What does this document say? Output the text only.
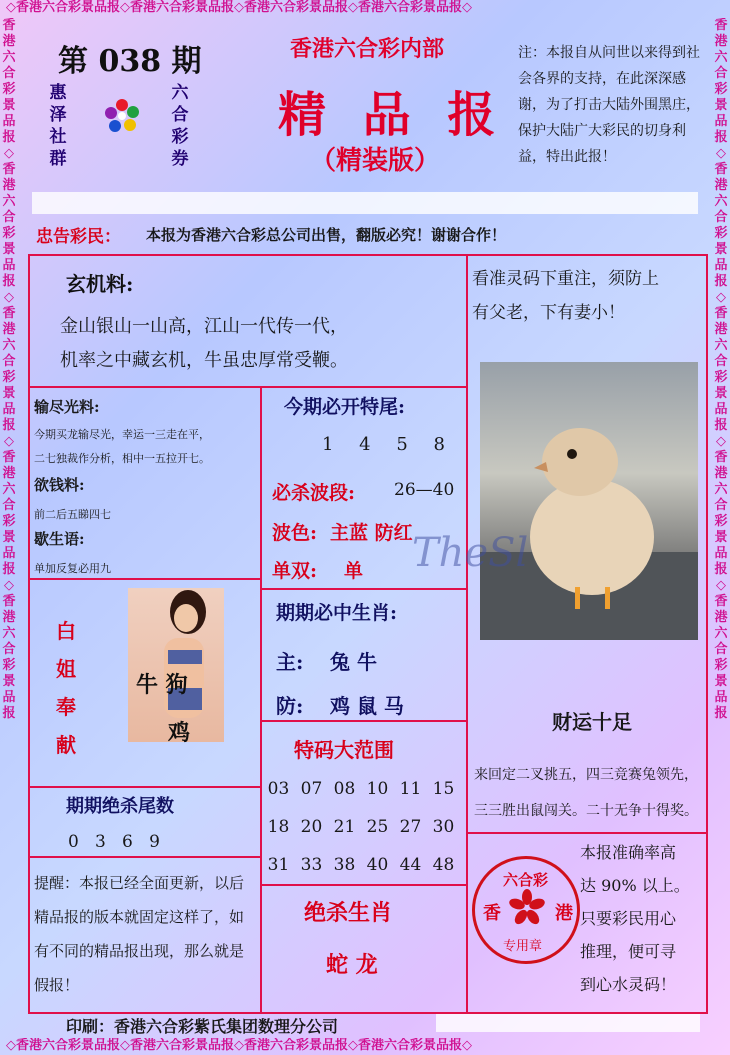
◇香港六合彩景品报◇香港六合彩景品报◇香港六合彩景品报◇香港六合彩景品报◇
◇香港六合彩景品报◇香港六合彩景品报◇香港六合彩景品报◇香港六合彩景品报◇
香港六合彩景品报◇香港六合彩景品报◇香港六合彩景品报◇香港六合彩景品报◇香港六合彩景品报
香港六合彩景品报◇香港六合彩景品报◇香港六合彩景品报◇香港六合彩景品报◇香港六合彩景品报
第 038 期
惠
泽
社
群
六
合
彩
券
香港六合彩内部
精 品 报
（精装版）
注：本报自从问世以来得到社会各界的支持，在此深深感谢，为了打击大陆外围黑庄，保护大陆广大彩民的切身利益，特出此报！
忠告彩民： 本报为香港六合彩总公司出售，翻版必究！谢谢合作！
玄机料:
金山银山一山高，江山一代传一代，
机率之中藏玄机，牛虽忠厚常受鞭。
看准灵码下重注，须防上
有父老，下有妻小！
输尽光料:
今期买龙输尽光，幸运一三走在平，
二七独裁作分析，相中一五拉开七。
欲钱料:
前二后五睇四七
歇生语:
单加反复必用九
白
姐
奉
献
牛 狗
鸡
今期必开特尾:
1 4 5 8
必杀波段: 26—40
波色: 主蓝 防红
单双: 单 TheSl
期期必中生肖:
主: 兔 牛
防: 鸡 鼠 马
特码大范围
03	07	08	10	11	15
18	20	21	25	27	30
31	33	38	40	44	48
绝杀生肖
蛇 龙
期期绝杀尾数
0   3   6   9
提醒：本报已经全面更新，以后精品报的版本就固定这样了，如有不同的精品报出现，那么就是假报！
财运十足
来回定二叉挑五，四三竞赛兔领先，
三三胜出鼠闯关。二十无争十得奖。
本报准确率高
达 90% 以上。
只要彩民用心
推理，便可寻
到心水灵码！
六合彩
香	港
专用章
印刷：香港六合彩紫氏集团数理分公司
